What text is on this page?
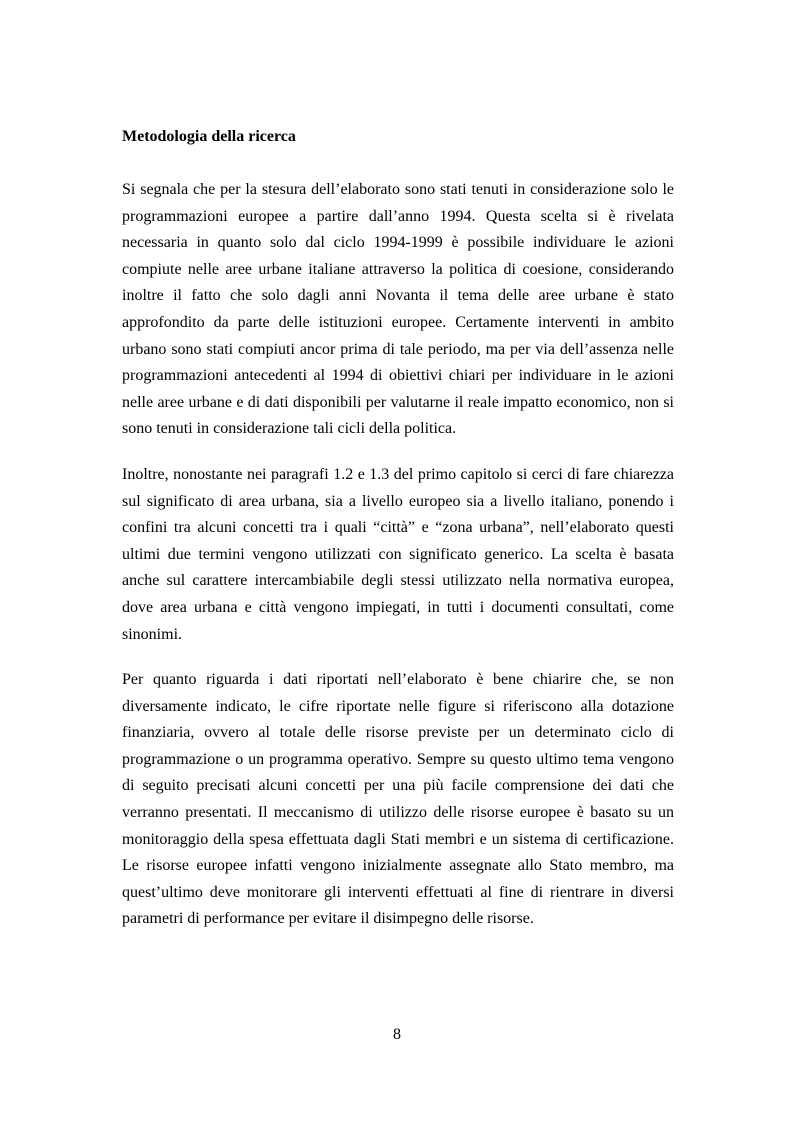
Metodologia della ricerca

Si segnala che per la stesura dell’elaborato sono stati tenuti in considerazione solo le programmazioni europee a partire dall’anno 1994. Questa scelta si è rivelata necessaria in quanto solo dal ciclo 1994-1999 è possibile individuare le azioni compiute nelle aree urbane italiane attraverso la politica di coesione, considerando inoltre il fatto che solo dagli anni Novanta il tema delle aree urbane è stato approfondito da parte delle istituzioni europee. Certamente interventi in ambito urbano sono stati compiuti ancor prima di tale periodo, ma per via dell’assenza nelle programmazioni antecedenti al 1994 di obiettivi chiari per individuare in le azioni nelle aree urbane e di dati disponibili per valutarne il reale impatto economico, non si sono tenuti in considerazione tali cicli della politica.

Inoltre, nonostante nei paragrafi 1.2 e 1.3 del primo capitolo si cerci di fare chiarezza sul significato di area urbana, sia a livello europeo sia a livello italiano, ponendo i confini tra alcuni concetti tra i quali “città” e “zona urbana”, nell’elaborato questi ultimi due termini vengono utilizzati con significato generico. La scelta è basata anche sul carattere intercambiabile degli stessi utilizzato nella normativa europea, dove area urbana e città vengono impiegati, in tutti i documenti consultati, come sinonimi.

Per quanto riguarda i dati riportati nell’elaborato è bene chiarire che, se non diversamente indicato, le cifre riportate nelle figure si riferiscono alla dotazione finanziaria, ovvero al totale delle risorse previste per un determinato ciclo di programmazione o un programma operativo. Sempre su questo ultimo tema vengono di seguito precisati alcuni concetti per una più facile comprensione dei dati che verranno presentati. Il meccanismo di utilizzo delle risorse europee è basato su un monitoraggio della spesa effettuata dagli Stati membri e un sistema di certificazione. Le risorse europee infatti vengono inizialmente assegnate allo Stato membro, ma quest’ultimo deve monitorare gli interventi effettuati al fine di rientrare in diversi parametri di performance per evitare il disimpegno delle risorse.

8
